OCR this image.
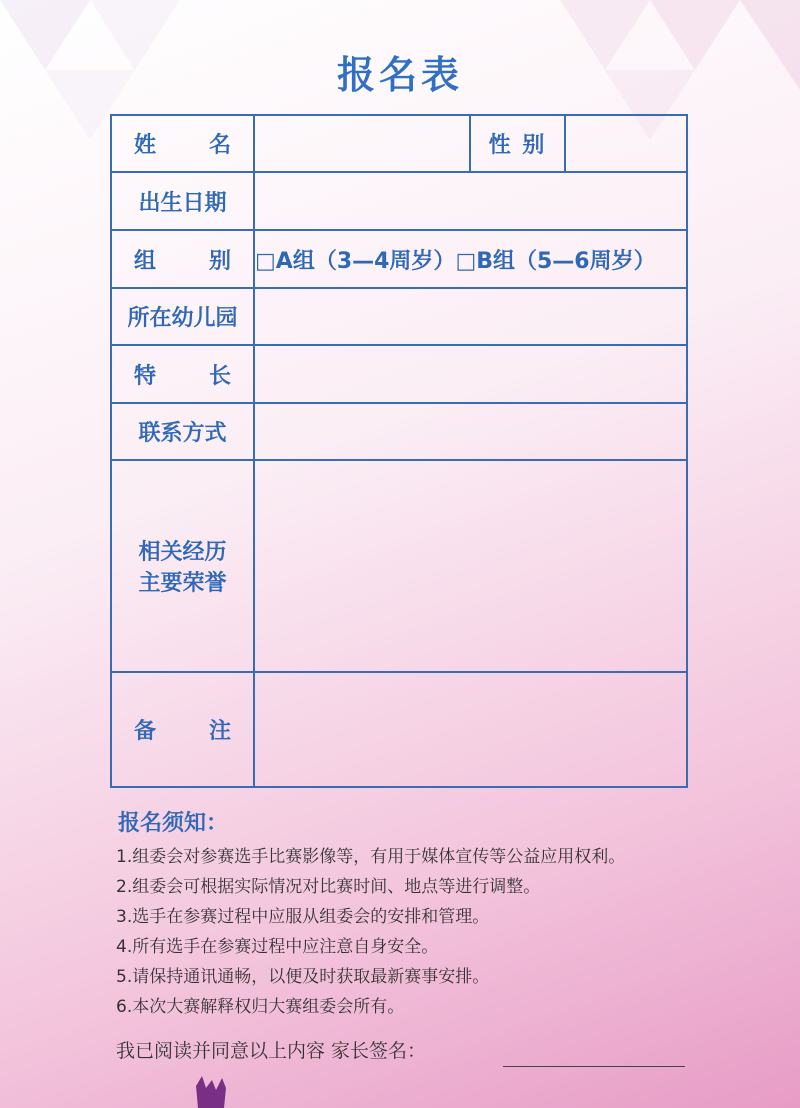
报名表
姓 名		性 别	
出生日期			

组 别	□A组（3—4周岁）□B组（5—6周岁）		
所在幼儿园			

特 长			

联系方式			

相关经历
主要荣誉			

备 注			

报名须知：
1.组委会对参赛选手比赛影像等，有用于媒体宣传等公益应用权利。
2.组委会可根据实际情况对比赛时间、地点等进行调整。
3.选手在参赛过程中应服从组委会的安排和管理。
4.所有选手在参赛过程中应注意自身安全。
5.请保持通讯通畅，以便及时获取最新赛事安排。
6.本次大赛解释权归大赛组委会所有。
我已阅读并同意以上内容 家长签名：
